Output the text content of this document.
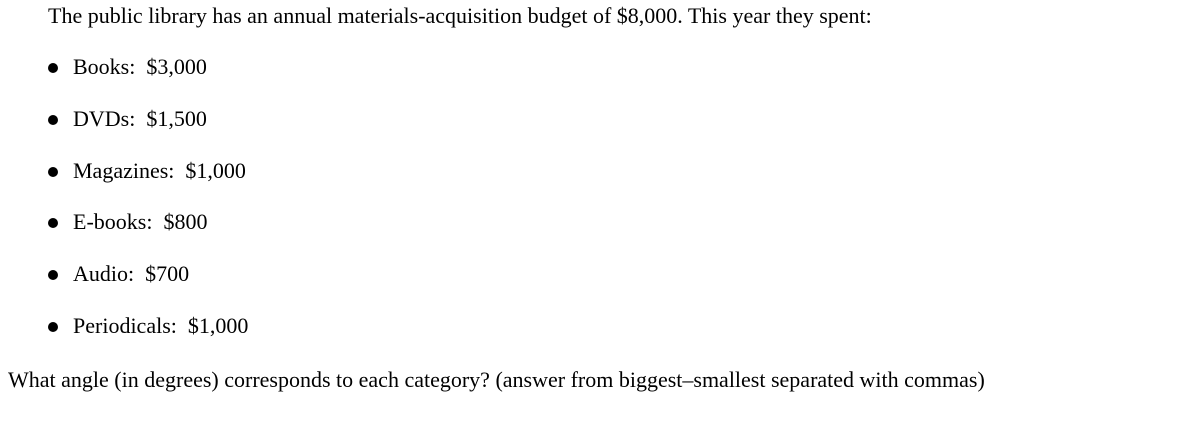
The public library has an annual materials-acquisition budget of $8,000. This year they spent:
Books: $3,000
DVDs: $1,500
Magazines: $1,000
E-books: $800
Audio: $700
Periodicals: $1,000
What angle (in degrees) corresponds to each category? (answer from biggest–smallest separated with commas)
